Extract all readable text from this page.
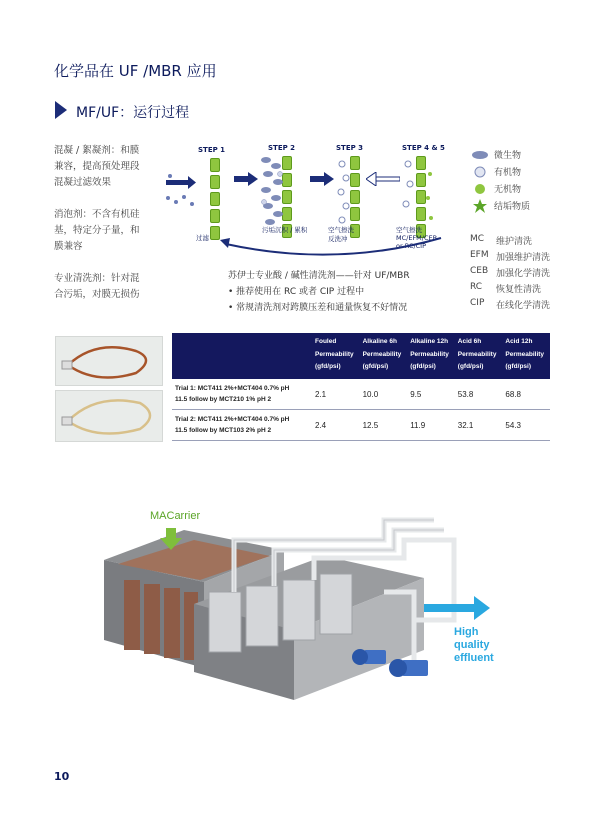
化学品在 UF /MBR 应用
MF/UF：运行过程
混凝 / 絮凝剂：和膜
兼容，提高预处理段
混凝过滤效果
消泡剂：不含有机硅
基，特定分子量，和
膜兼容
专业清洗剂：针对混
合污垢，对膜无损伤
STEP 1	STEP 2	STEP 3	STEP 4 & 5
过滤
污垢沉积 / 累积	空气擦洗
反洗冲
空气擦洗
MC/EFM/CEB
or RC/CIP
微生物
有机物
无机物
结垢物质
MC	维护清洗
EFM 加强维护清洗
CEB 加强化学清洗
RC	恢复性清洗
CIP	在线化学清洗
苏伊士专业酸 / 碱性清洗剂——针对 UF/MBR
• 推荐使用在 RC 或者 CIP 过程中
• 常规清洗剂对跨膜压差和通量恢复不好情况
	Fouled	Alkaline 6h	Alkaline 12h	Acid 6h	Acid 12h
	Permeability	Permeability	Permeability	Permeability	Permeability
	(gfd/psi)	(gfd/psi)	(gfd/psi)	(gfd/psi)	(gfd/psi)

Trial 1: MCT411 2%+MCT404 0.7% pH
11.5 follow by MCT210 1% pH 2	2.1	10.0	9.5	53.8	68.8

Trial 2: MCT411 2%+MCT404 0.7% pH
11.5 follow by MCT103 2% pH 2	2.4	12.5	11.9	32.1	54.3
MACarrier
High
quality
effluent
10
